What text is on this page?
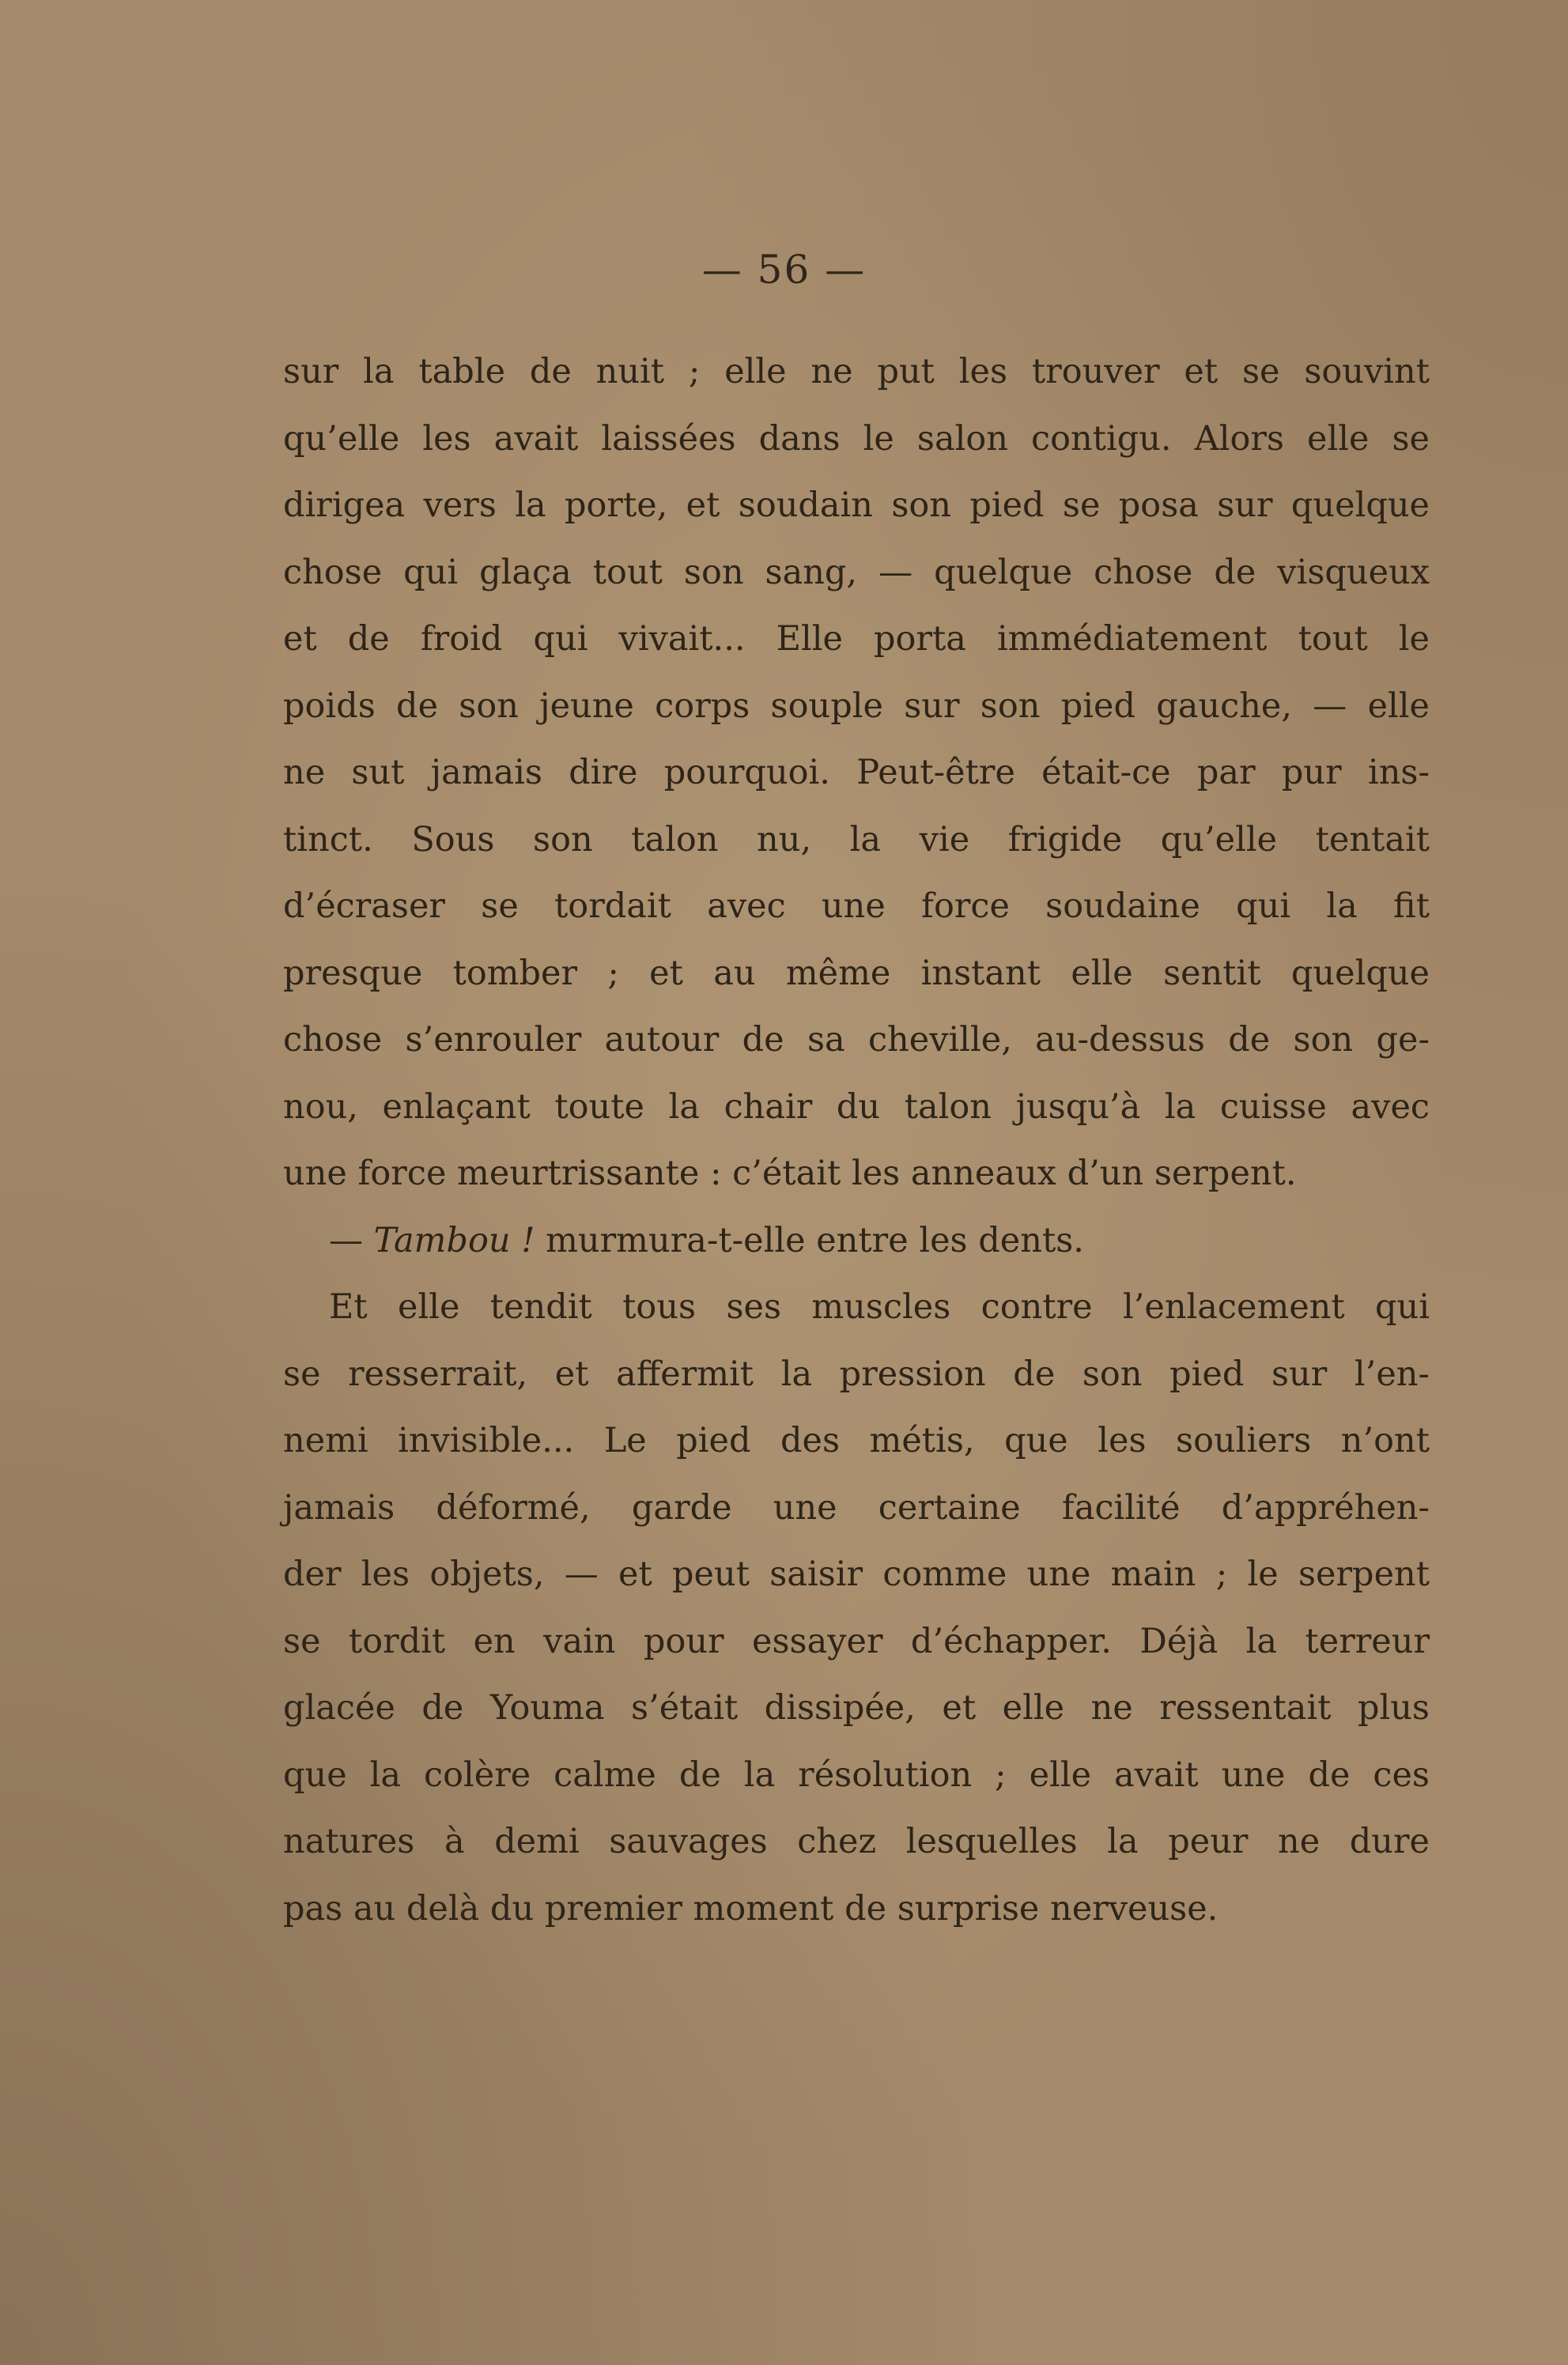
— 56 —
sur la table de nuit ; elle ne put les trouver et se souvint
qu’elle les avait laissées dans le salon contigu. Alors elle se
dirigea vers la porte, et soudain son pied se posa sur quelque
chose qui glaça tout son sang, — quelque chose de visqueux
et de froid qui vivait... Elle porta immédiatement tout le
poids de son jeune corps souple sur son pied gauche, — elle
ne sut jamais dire pourquoi. Peut-être était-ce par pur ins-
tinct. Sous son talon nu, la vie frigide qu’elle tentait
d’écraser se tordait avec une force soudaine qui la fit
presque tomber ; et au même instant elle sentit quelque
chose s’enrouler autour de sa cheville, au-dessus de son ge-
nou, enlaçant toute la chair du talon jusqu’à la cuisse avec
une force meurtrissante : c’était les anneaux d’un serpent.
— Tambou ! murmura-t-elle entre les dents.
Et elle tendit tous ses muscles contre l’enlacement qui
se resserrait, et affermit la pression de son pied sur l’en-
nemi invisible... Le pied des métis, que les souliers n’ont
jamais déformé, garde une certaine facilité d’appréhen-
der les objets, — et peut saisir comme une main ; le serpent
se tordit en vain pour essayer d’échapper. Déjà la terreur
glacée de Youma s’était dissipée, et elle ne ressentait plus
que la colère calme de la résolution ; elle avait une de ces
natures à demi sauvages chez lesquelles la peur ne dure
pas au delà du premier moment de surprise nerveuse.
